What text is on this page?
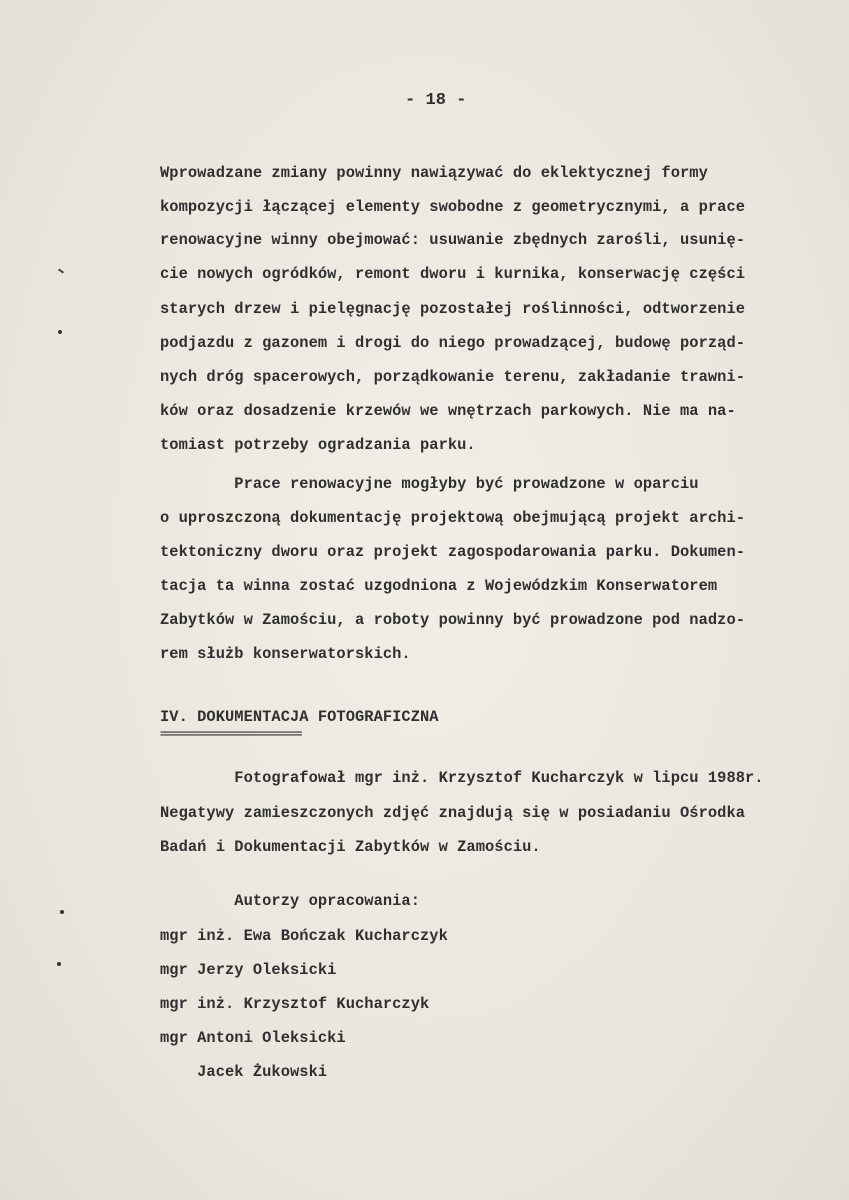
- 18 -
Wprowadzane zmiany powinny nawiązywać do eklektycznej formy
kompozycji łączącej elementy swobodne z geometrycznymi, a prace
renowacyjne winny obejmować: usuwanie zbędnych zarośli, usunię-
cie nowych ogródków, remont dworu i kurnika, konserwację części
starych drzew i pielęgnację pozostałej roślinności, odtworzenie
podjazdu z gazonem i drogi do niego prowadzącej, budowę porząd-
nych dróg spacerowych, porządkowanie terenu, zakładanie trawni-
ków oraz dosadzenie krzewów we wnętrzach parkowych. Nie ma na-
tomiast potrzeby ogradzania parku.
Prace renowacyjne mogłyby być prowadzone w oparciu
o uproszczoną dokumentację projektową obejmującą projekt archi-
tektoniczny dworu oraz projekt zagospodarowania parku. Dokumen-
tacja ta winna zostać uzgodniona z Wojewódzkim Konserwatorem
Zabytków w Zamościu, a roboty powinny być prowadzone pod nadzo-
rem służb konserwatorskich.
IV. DOKUMENTACJA FOTOGRAFICZNA
================================
Fotografował mgr inż. Krzysztof Kucharczyk w lipcu 1988r.
Negatywy zamieszczonych zdjęć znajdują się w posiadaniu Ośrodka
Badań i Dokumentacji Zabytków w Zamościu.
Autorzy opracowania:
mgr inż. Ewa Bończak Kucharczyk
mgr Jerzy Oleksicki
mgr inż. Krzysztof Kucharczyk
mgr Antoni Oleksicki
Jacek Żukowski
